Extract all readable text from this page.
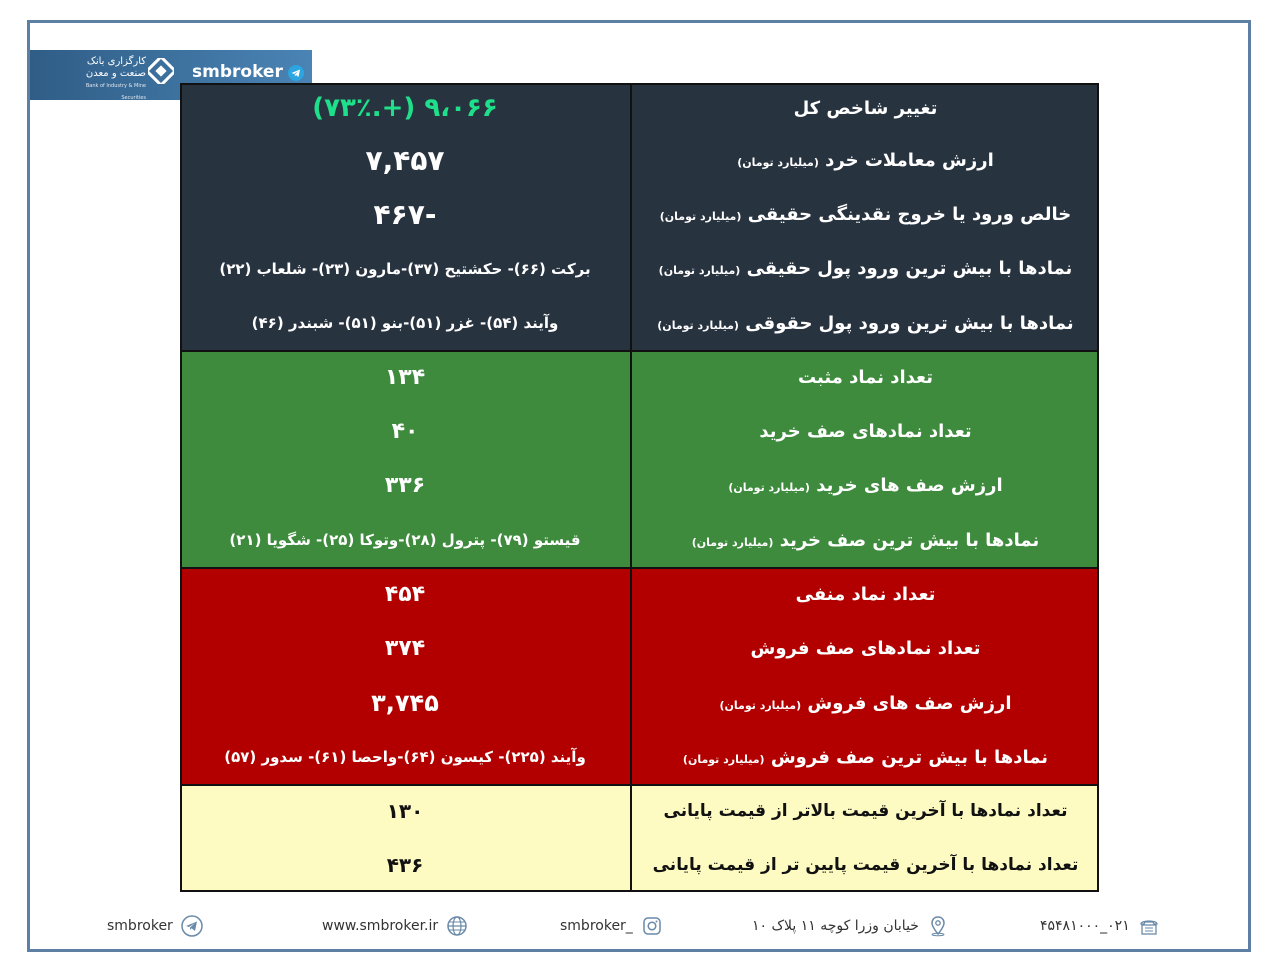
کارگزاری بانک
صنعت و معدن
Bank of Industry & Mine Securities
smbroker
تغییر شاخص کل	۹،۰۶۶ (+.۷۳٪)

ارزش معاملات خرد (میلیارد تومان)	۷,۴۵۷

خالص ورود یا خروج نقدینگی حقیقی (میلیارد تومان)	-۴۶۷

نمادها با بیش ترین ورود پول حقیقی (میلیارد تومان)	برکت (۶۶)- حکشتیح (۳۷)-مارون (۲۳)- شلعاب (۲۲)

نمادها با بیش ترین ورود پول حقوقی (میلیارد تومان)	وآیند (۵۴)- غزر (۵۱)-بنو (۵۱)- شبندر (۴۶)

تعداد نماد مثبت	۱۳۴

تعداد نمادهای صف خرید	۴۰

ارزش صف های خرید (میلیارد تومان)	۳۳۶

نمادها با بیش ترین صف خرید (میلیارد تومان)	قیستو (۷۹)- پترول (۲۸)-وتوکا (۲۵)- شگویا (۲۱)

تعداد نماد منفی	۴۵۴

تعداد نمادهای صف فروش	۳۷۴

ارزش صف های فروش (میلیارد تومان)	۳,۷۴۵

نمادها با بیش ترین صف فروش (میلیارد تومان)	وآیند (۲۲۵)- کیسون (۶۴)-واحصا (۶۱)- سدور (۵۷)

تعداد نمادها با آخرین قیمت بالاتر از قیمت پایانی	۱۳۰

تعداد نمادها با آخرین قیمت پایین تر از قیمت پایانی	۴۳۶
smbroker	www.smbroker.ir	smbroker_	خیابان وزرا کوچه ۱۱ پلاک ۱۰	۰۲۱_۴۵۴۸۱۰۰۰
